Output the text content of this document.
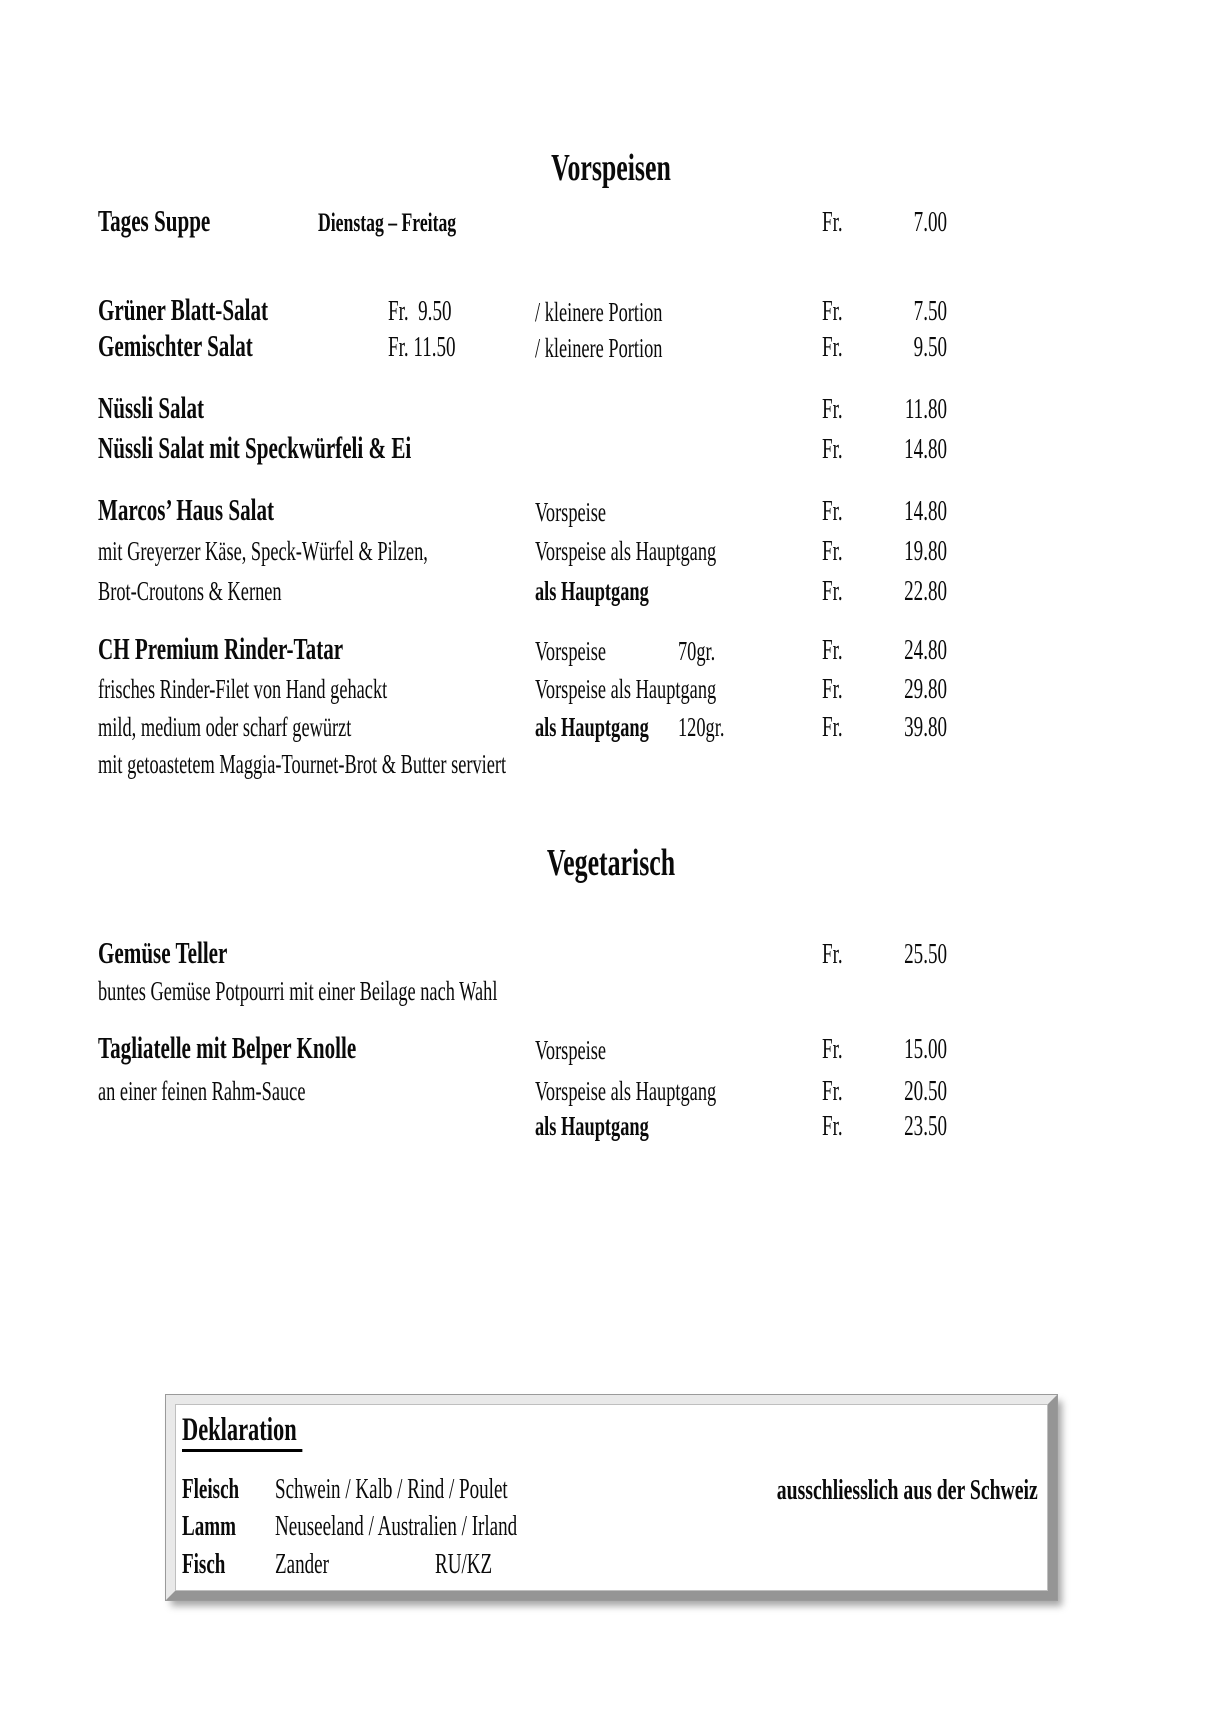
Vorspeisen
Tages Suppe	Dienstag – Freitag	Fr.	7.00
Grüner Blatt-Salat	Fr.  9.50	/ kleinere Portion	Fr.	7.50
Gemischter Salat	Fr. 11.50	/ kleinere Portion	Fr.	9.50
Nüssli Salat	Fr.	11.80
Nüssli Salat mit Speckwürfeli & Ei	Fr.	14.80
Marcos’ Haus Salat	Vorspeise	Fr.	14.80
mit Greyerzer Käse, Speck-Würfel & Pilzen,	Vorspeise als Hauptgang	Fr.	19.80
Brot-Croutons & Kernen	als Hauptgang	Fr.	22.80
CH Premium Rinder-Tatar	Vorspeise	70gr.	Fr.	24.80
frisches Rinder-Filet von Hand gehackt	Vorspeise als Hauptgang	Fr.	29.80
mild, medium oder scharf gewürzt	als Hauptgang 120gr.	Fr.	39.80
mit getoastetem Maggia-Tournet-Brot & Butter serviert
Vegetarisch
Gemüse Teller	Fr.	25.50
buntes Gemüse Potpourri mit einer Beilage nach Wahl
Tagliatelle mit Belper Knolle	Vorspeise	Fr.	15.00
an einer feinen Rahm-Sauce	Vorspeise als Hauptgang	Fr.	20.50
als Hauptgang	Fr.	23.50
Deklaration
Fleisch Schwein / Kalb / Rind / Poulet	ausschliesslich aus der Schweiz
Lamm Neuseeland / Australien / Irland
Fisch Zander	RU/KZ
